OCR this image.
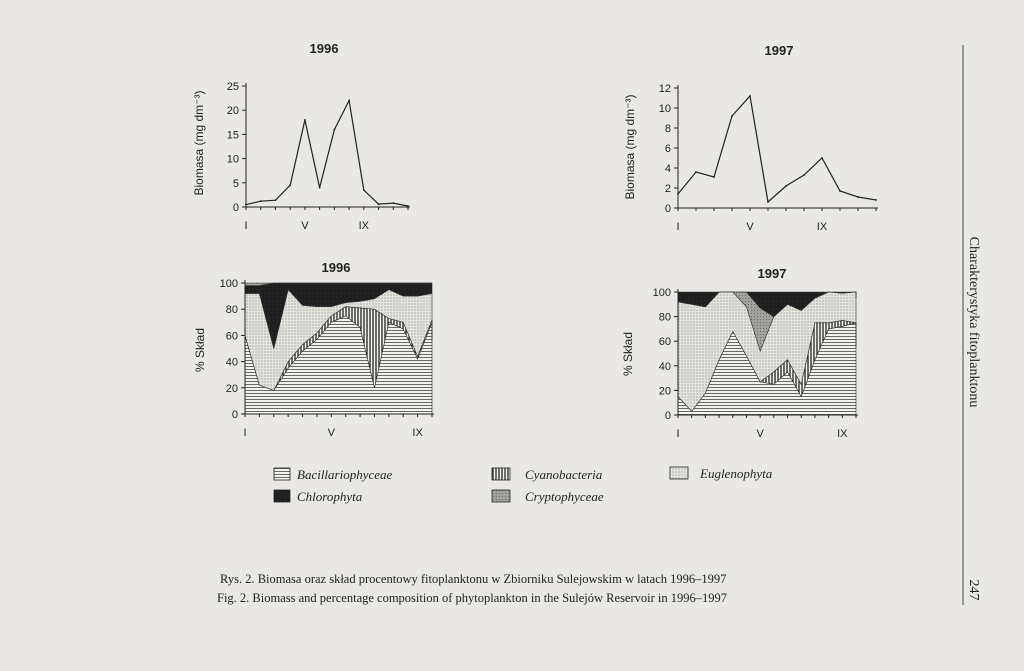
1996
Biomasa (mg dm⁻³)
0
5
10
15
20
25
I	V	IX
1997
Biomasa (mg dm⁻³)
0
2
4
6
8
10
12
I	V	IX
1996
% Skład
0
20
40
60
80
100
I	V	IX
1997
% Skład
0
20
40
60
80
100
I	V	IX
Bacillariophyceae
Chlorophyta
Cyanobacteria
Cryptophyceae
Euglenophyta
Rys. 2. Biomasa oraz skład procentowy fitoplanktonu w Zbiorniku Sulejowskim w latach 1996–1997
Fig. 2. Biomass and percentage composition of phytoplankton in the Sulejów Reservoir in 1996–1997
Charakterystyka fitoplanktonu
247
